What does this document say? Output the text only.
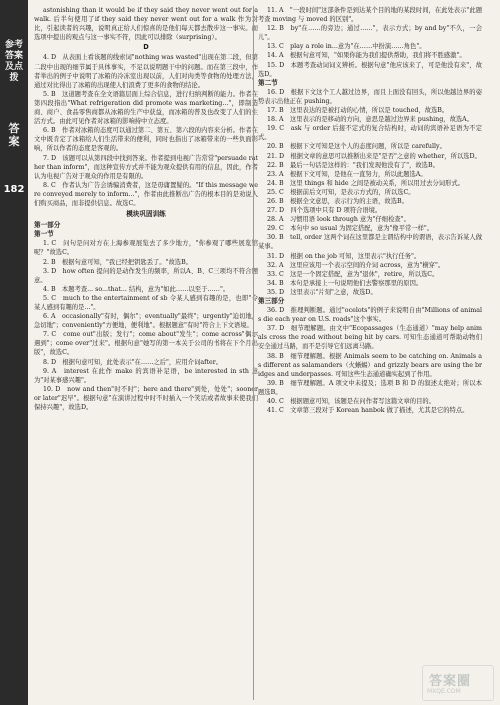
参考答案及点拨
答案
182

astonishing than it would be if they said they never went out for a walk. 后半句使用了if they said they never went out for a walk 作为对比，引起读者的兴趣，说明真正给人们惊喜的是他们每天都去散步这一事实。而选项中提出的观点与这一事实不符，因此可以排除（surprising）。

D

4. D　从表面上看该题的线索词"nothing was wasted"出现在第二段，但第二段中出现的细节属于具体事实，不足以说明题干中的问题。而在第三段中，作者举出的例子中说明了冰箱的冷冻室出现以前，人们对肉类等食物的处理方法，通过对比得出了冰箱的出现使人们浪费了更多的食物的结论。

5. B　这道题考查在全文语篇层面上综合信息，进行归纳判断的能力。作者在第四段指出"What refrigeration did promote was marketing..."，即制造商、商户、食品零售商都从冰箱的生产中获益，而冰箱的普及也改变了人们的生活方式。由此可见作者对冰箱的影响持中立态度。

6. B　作者对冰箱的态度可以通过第二、第五、第六段的内容来分析。作者在文中既肯定了冰箱给人们生活带来的便利，同时也指出了冰箱带来的一些负面影响，所以作者的态度是客观的。

7. D　该题可以从第四段中找到答案。作者提到电视广告常常"persuade rather than inform"，而这种宣传方式并不能为观众提供有用的信息，因此，作者认为电视广告对于观众的作用是有限的。

8. C　作者认为广告会诱骗消费者，这是毋庸置疑的。"If this message were conveyed merely to inform..."，作者由此推断出广告的根本目的是劝说人们购买商品，而非提供信息。故选C。

模块巩固训练

第一部分

第一节

1. C　问句是问对方在上海参观展览去了多少地方，"你参观了哪些展览馆呢？"故选C。

2. B　根据句意可知，"我已经把钥匙丢了。"故选B。

3. D　how often 提问的是动作发生的频率，所以A、B、C三项均不符合题意。

4. B　本题考查... so...that... 结构，意为"如此……以至于……"。

5. C　much to the entertainment of sb 令某人感到有趣的是，也即"令某人感到有趣的是..."。

6. A　occasionally"有时，偶尔"；eventually"最终"；urgently"迫切地，急切地"；conveniently"方便地，便利地"。根据题意"有时"符合上下文语境。

7. C　come out"出版；发行"；come about"发生"；come across"偶尔遇到"；come over"过来"。根据句意"她写的第一本关于公司的书将在下个月出版"，故选C。

8. D　根据句意可知，此处表示"在……之后"，应用介词after。

9. A　interest 在此作 make 的宾语补足语，be interested in sth 意为"对某事感兴趣"。

10. D　now and then"时不时"；here and there"到处，处处"；sooner or later"迟早"。根据句意"在演讲过程中时不时插入一个笑话或者故事来使我们保持兴趣"，故选D。

11. A　"一段时间"这部条件是到达某个目的地的某段时间，在此处表示"此题考查 moving 与 moved 的区别"。

12. B　by"在……的旁边；通过……"，表示方式；by and by"不久，一会儿"。

13. C　play a role in...意为"在……中扮演……角色"。

14. A　根据句意可知，"如果你能为我们提供帮助，我们将不胜感激"。

15. D　本题考查动词词义辨析。根据句意"他应该来了，可是他没有来"，故选D。

第二节

16. D　根据下文这个工人越过边界，而且上面没有回头，所以他越边界的姿势表示出他正在 pushing。

17. B　这里表达的是被打动的心情，所以是 touched，故选B。

18. A　这里表示的是移动的方向，意思是越过边界来 pushing，故选A。

19. C　ask 与 order 后接不定式的复合结构时，动词的宾语补足语为不定式。

20. B　根据下文可知是这个人的态度问题，所以是 carefully。

21. D　根据文章的意思可以推断出来是"是否"之意的 whether，所以选D。

22. B　最后一句话是这样的："我们发现他没有了"，故选B。

23. A　根据下文可知，是他在一直努力，所以此题选A。

24. B　这里 things 和 hide 之间是被动关系，所以用过去分词形式。

25. C　根据前后文可知，是表示方式的，所以选C。

26. B　根据全文意思，表示行为的主语，故选B。

27. D　四个选项中只有 D 项符合语境。

28. A　习惯用语 look through 意为"仔细检查"。

29. C　本句中 so usual 为固定搭配，意为"像平常一样"。

30. B　tell, order 这两个词在这里都是主谓结构中的谓语，表示告诉某人做某事。

31. D　根据 on the job 可知，这里表示"执行任务"。

32. A　这里应该用一个表示空间的介词 across，意为"横穿"。

33. C　这是一个固定搭配，意为"退休"，retire，所以选C。

34. B　本句是承接上一句说明他们去警察那里的原因。

35. D　这里表示"片刻"之意，故选D。

第三部分

36. D　推理判断题。通过"ocelots"的例子来说明自由"Millions of animals die each year on U.S. roads"这个事实。

37. D　细节理解题。由文中"Ecopassages（生态通道）"may help animals cross the road without being hit by cars. 可知生态通道可帮助动物们安全通过马路，而不是引导它们远离马路。

38. B　细节理解题。根据 Animals seem to be catching on. Animals as different as salamanders（火蜥蜴）and grizzly bears are using the bridges and underpasses. 可知这些生态通道确实起到了作用。

39. B　细节理解题。A 项文中未提及；选项 B 和 D 的叙述太绝对；所以本题选B。

40. C　根据题意可知，该题是在问作者写这篇文章的目的。

41. C　文章第三段对于 Korean hanbok 做了描述，尤其是它的特点。

答案圈
MXQE.COM
